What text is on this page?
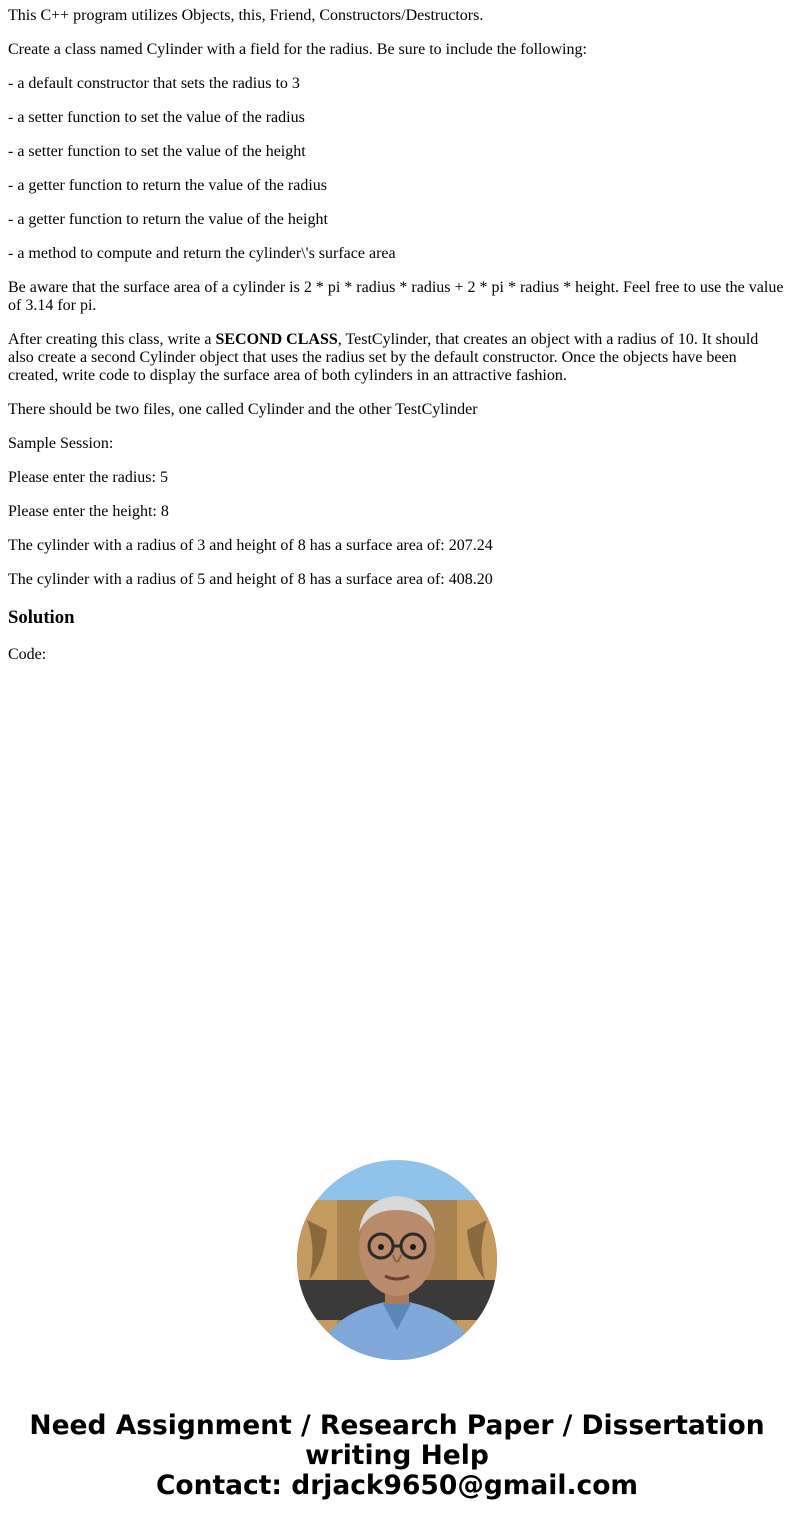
This C++ program utilizes Objects, this, Friend, Constructors/Destructors.

Create a class named Cylinder with a field for the radius. Be sure to include the following:

- a default constructor that sets the radius to 3

- a setter function to set the value of the radius

- a setter function to set the value of the height

- a getter function to return the value of the radius

- a getter function to return the value of the height

- a method to compute and return the cylinder\'s surface area

Be aware that the surface area of a cylinder is 2 * pi * radius * radius + 2 * pi * radius * height. Feel free to use the value of 3.14 for pi.

After creating this class, write a SECOND CLASS, TestCylinder, that creates an object with a radius of 10. It should also create a second Cylinder object that uses the radius set by the default constructor. Once the objects have been created, write code to display the surface area of both cylinders in an attractive fashion.

There should be two files, one called Cylinder and the other TestCylinder

Sample Session:

Please enter the radius: 5

Please enter the height: 8

The cylinder with a radius of 3 and height of 8 has a surface area of: 207.24

The cylinder with a radius of 5 and height of 8 has a surface area of: 408.20

Solution

Code:

Need Assignment / Research Paper / Dissertation
writing Help
Contact: drjack9650@gmail.com
